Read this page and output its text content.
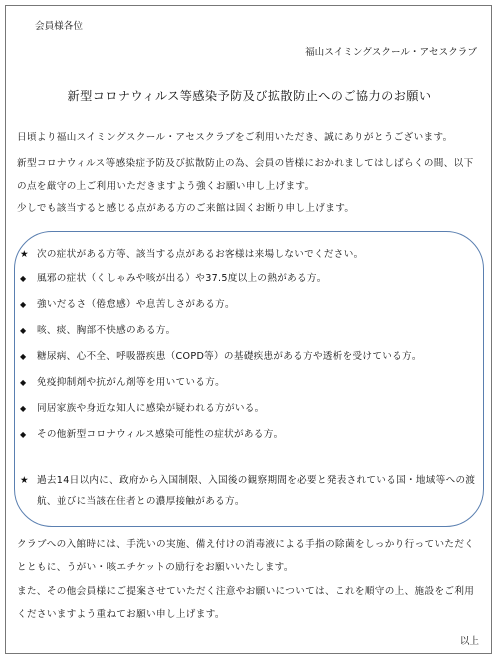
会員様各位
福山スイミングスクール・アセスクラブ
新型コロナウィルス等感染予防及び拡散防止へのご協力のお願い
日頃より福山スイミングスクール・アセスクラブをご利用いただき、誠にありがとうございます。
新型コロナウィルス等感染症予防及び拡散防止の為、会員の皆様におかれましてはしばらくの間、以下
の点を厳守の上ご利用いただきますよう強くお願い申し上げます。
少しでも該当すると感じる点がある方のご来館は固くお断り申し上げます。
★ 次の症状がある方等、該当する点があるお客様は来場しないでください。
◆ 風邪の症状（くしゃみや咳が出る）や37.5度以上の熱がある方。
◆ 強いだるさ（倦怠感）や息苦しさがある方。
◆ 咳、痰、胸部不快感のある方。
◆ 糖尿病、心不全、呼吸器疾患（COPD等）の基礎疾患がある方や透析を受けている方。
◆ 免疫抑制剤や抗がん剤等を用いている方。
◆ 同居家族や身近な知人に感染が疑われる方がいる。
◆ その他新型コロナウィルス感染可能性の症状がある方。
★ 過去14日以内に、政府から入国制限、入国後の観察期間を必要と発表されている国・地域等への渡
航、並びに当該在住者との濃厚接触がある方。
クラブへの入館時には、手洗いの実施、備え付けの消毒液による手指の除菌をしっかり行っていただく
とともに、うがい・咳エチケットの励行をお願いいたします。
また、その他会員様にご提案させていただく注意やお願いについては、これを順守の上、施設をご利用
くださいますよう重ねてお願い申し上げます。
以上
